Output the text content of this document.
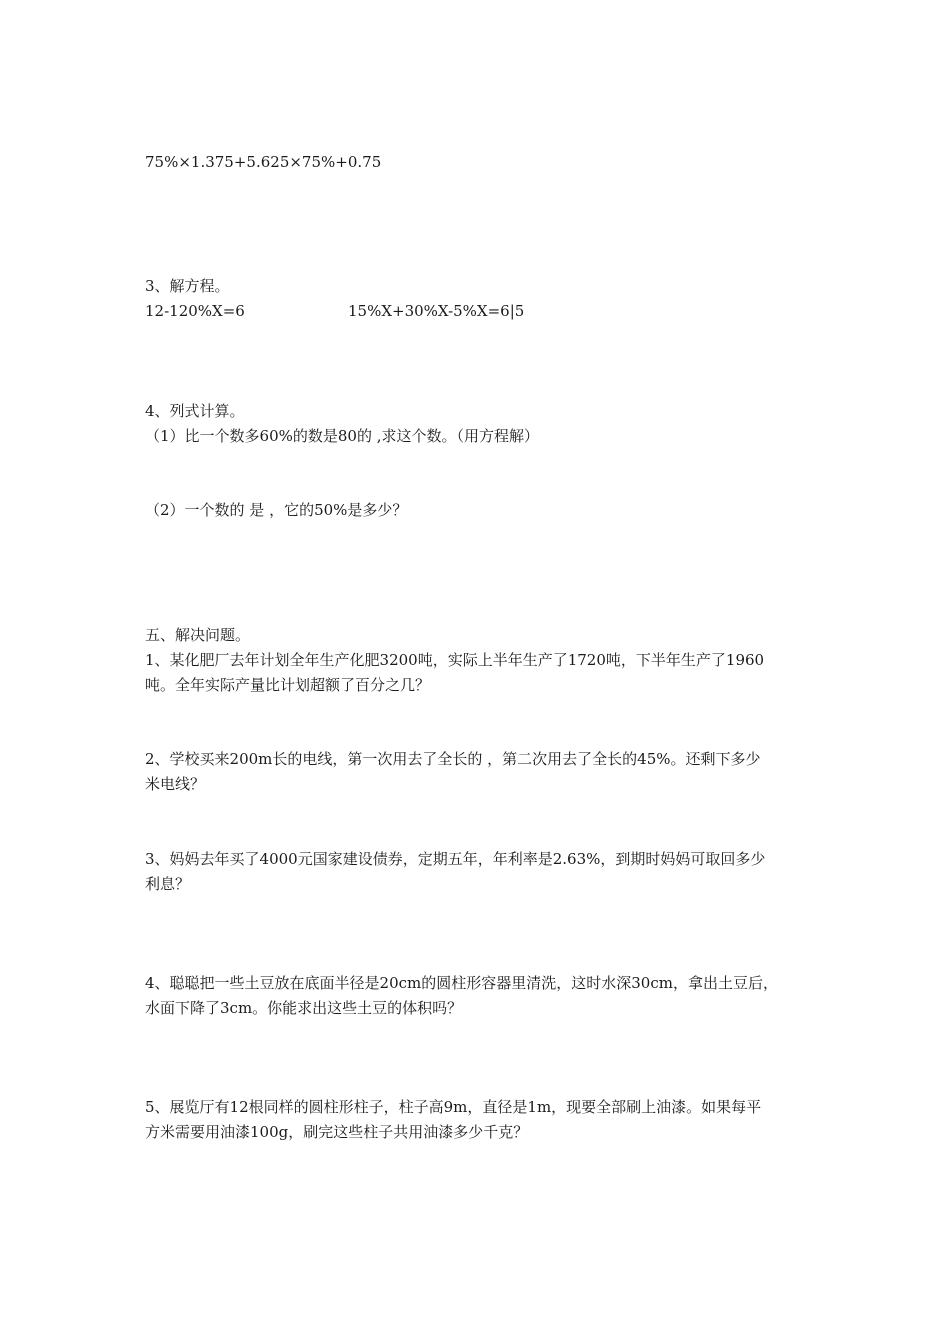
75%×1.375+5.625×75%+0.75

3、解方程。

12-120%X=6	15%X+30%X-5%X=6|5

4、列式计算。

（1）比一个数多60%的数是80的 ,求这个数。（用方程解）

（2）一个数的 是 ，它的50%是多少？

五、解决问题。

1、某化肥厂去年计划全年生产化肥3200吨，实际上半年生产了1720吨，下半年生产了1960

吨。全年实际产量比计划超额了百分之几？

2、学校买来200m长的电线，第一次用去了全长的 ，第二次用去了全长的45%。还剩下多少

米电线？

3、妈妈去年买了4000元国家建设债券，定期五年，年利率是2.63%，到期时妈妈可取回多少

利息？

4、聪聪把一些土豆放在底面半径是20cm的圆柱形容器里清洗，这时水深30cm，拿出土豆后，

水面下降了3cm。你能求出这些土豆的体积吗？

5、展览厅有12根同样的圆柱形柱子，柱子高9m，直径是1m，现要全部刷上油漆。如果每平

方米需要用油漆100g，刷完这些柱子共用油漆多少千克？
